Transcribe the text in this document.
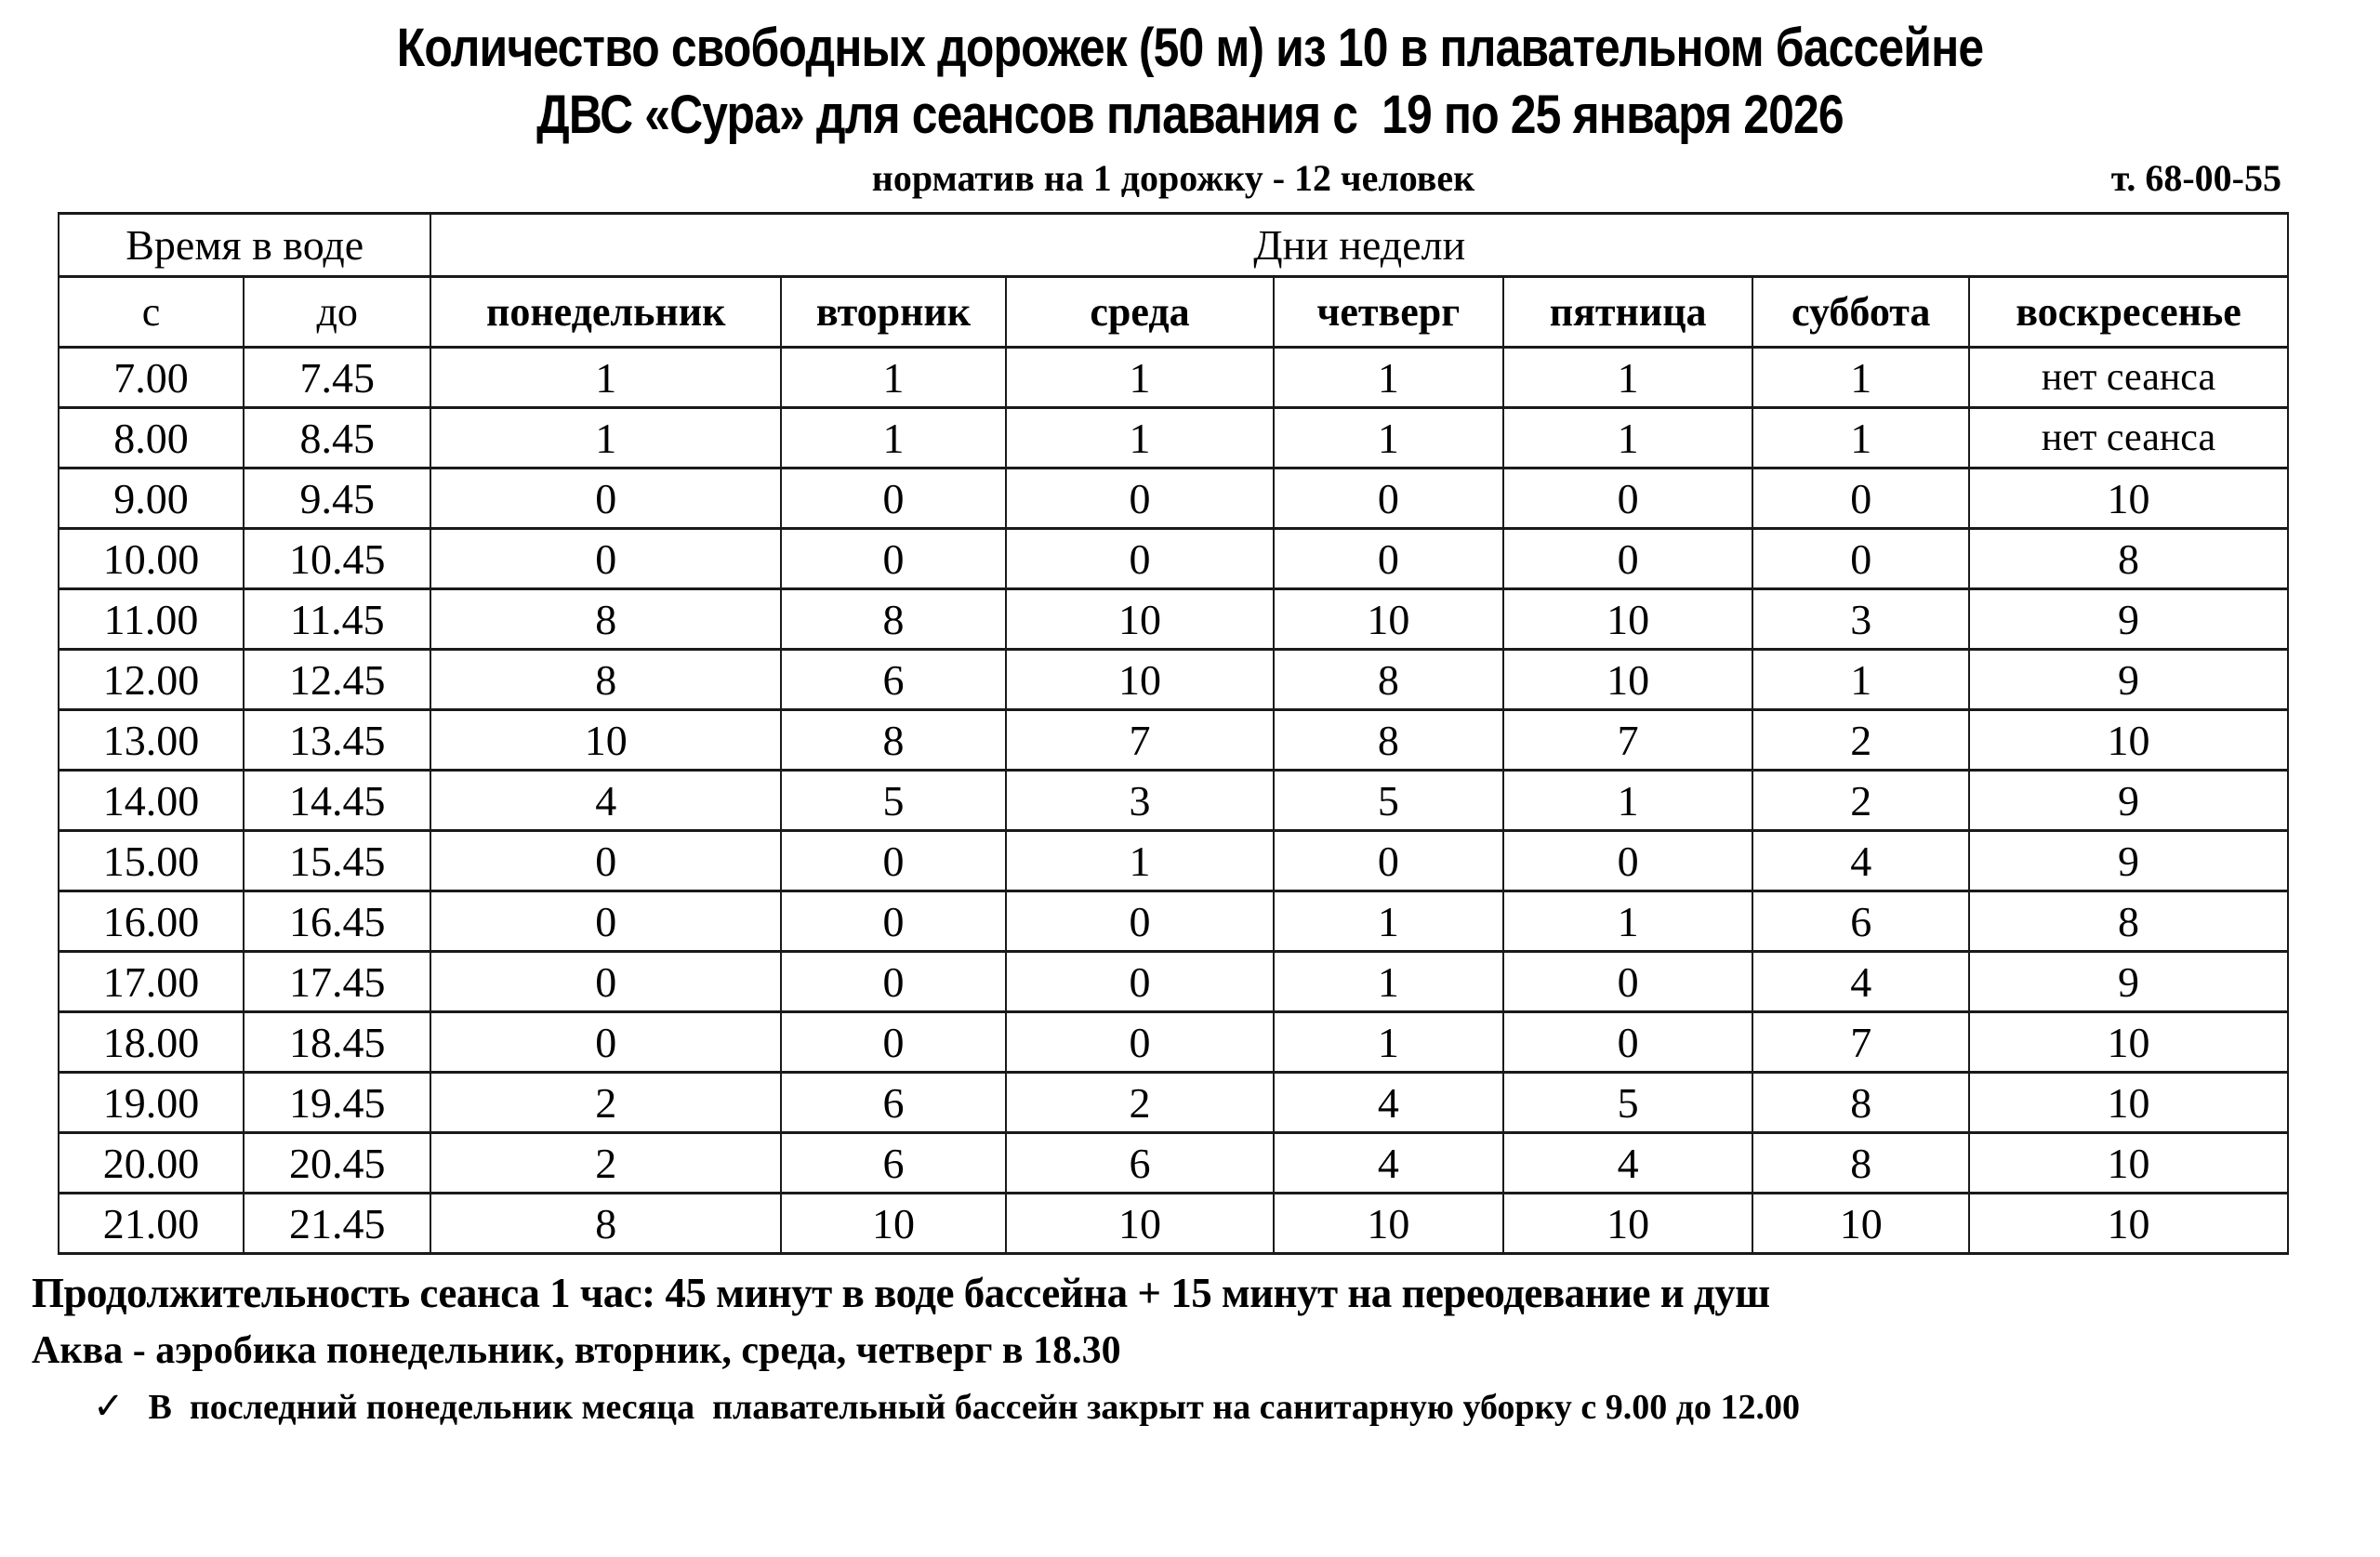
Количество свободных дорожек (50 м) из 10 в плавательном бассейне
ДВС «Сура» для сеансов плавания с  19 по 25 января 2026
норматив на 1 дорожку - 12 человек	т. 68-00-55
Время в воде		Дни недели						
с	до	понедельник	вторник	среда	четверг	пятница	суббота	воскресенье
7.00	7.45	1	1	1	1	1	1	нет сеанса
8.00	8.45	1	1	1	1	1	1	нет сеанса
9.00	9.45	0	0	0	0	0	0	10
10.00	10.45	0	0	0	0	0	0	8
11.00	11.45	8	8	10	10	10	3	9
12.00	12.45	8	6	10	8	10	1	9
13.00	13.45	10	8	7	8	7	2	10
14.00	14.45	4	5	3	5	1	2	9
15.00	15.45	0	0	1	0	0	4	9
16.00	16.45	0	0	0	1	1	6	8
17.00	17.45	0	0	0	1	0	4	9
18.00	18.45	0	0	0	1	0	7	10
19.00	19.45	2	6	2	4	5	8	10
20.00	20.45	2	6	6	4	4	8	10
21.00	21.45	8	10	10	10	10	10	10
Продолжительность сеанса 1 час: 45 минут в воде бассейна + 15 минут на переодевание и душ
Аква - аэробика понедельник, вторник, среда, четверг в 18.30
✓ В  последний понедельник месяца  плавательный бассейн закрыт на санитарную уборку с 9.00 до 12.00
